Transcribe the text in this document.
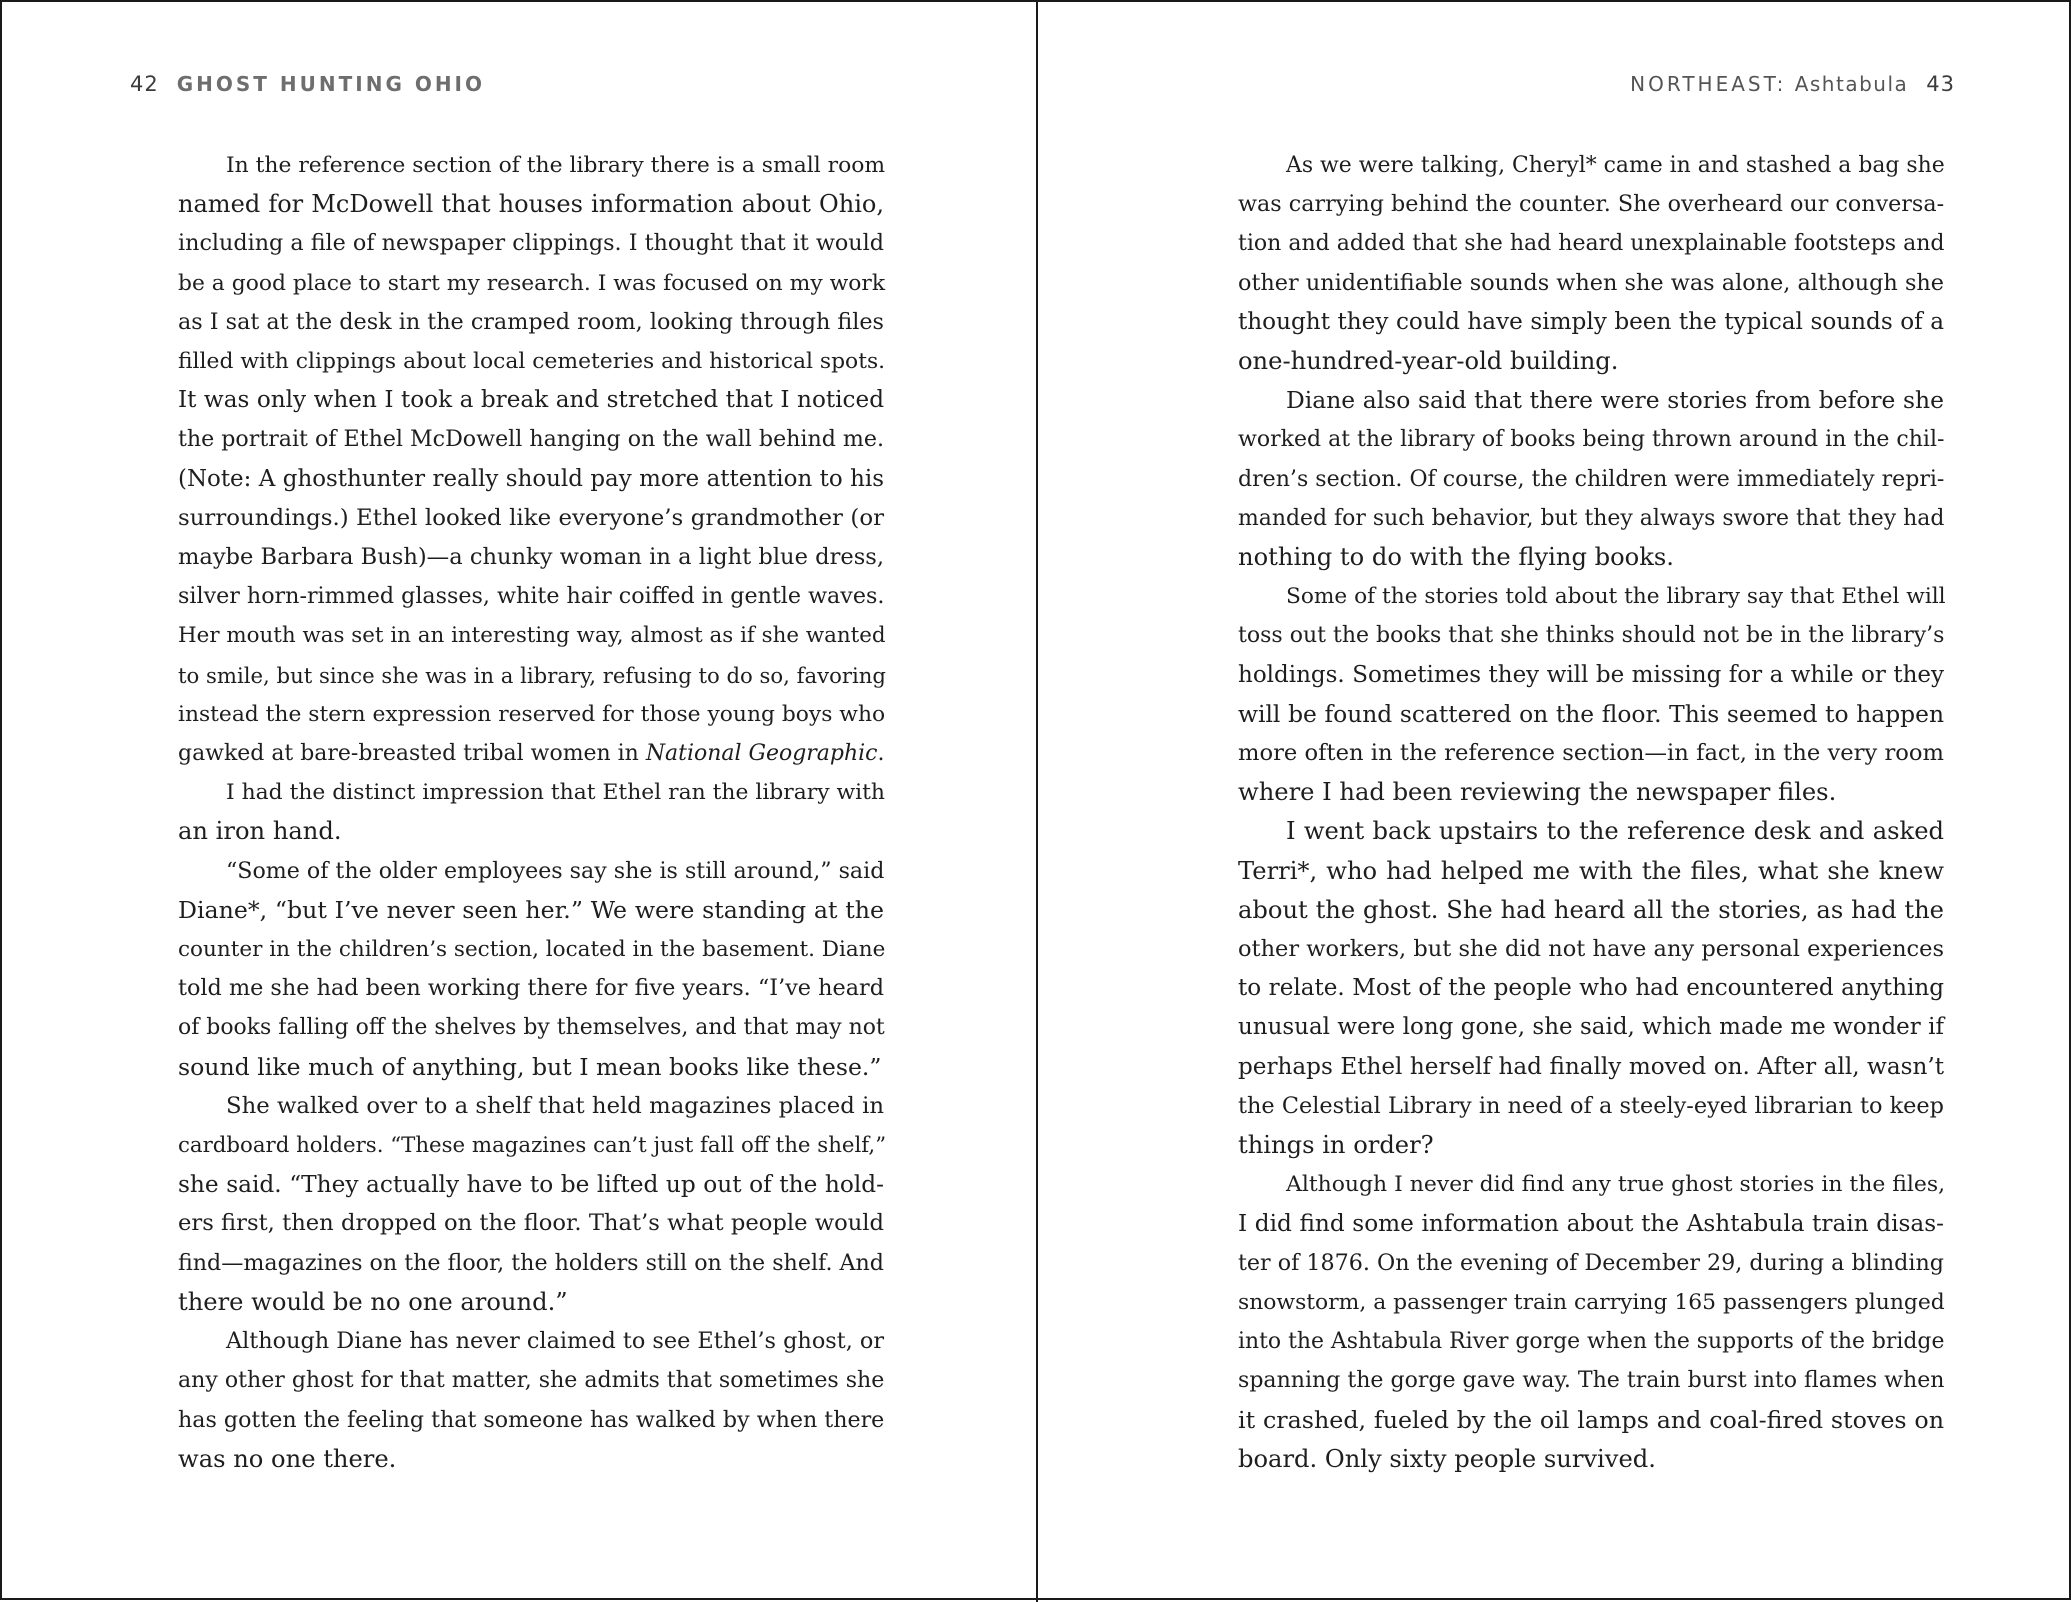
42 GHOST HUNTING OHIO

In the reference section of the library there is a small room
named for McDowell that houses information about Ohio,
including a file of newspaper clippings. I thought that it would
be a good place to start my research. I was focused on my work
as I sat at the desk in the cramped room, looking through files
filled with clippings about local cemeteries and historical spots.
It was only when I took a break and stretched that I noticed
the portrait of Ethel McDowell hanging on the wall behind me.
(Note: A ghosthunter really should pay more attention to his
surroundings.) Ethel looked like everyone’s grandmother (or
maybe Barbara Bush)—a chunky woman in a light blue dress,
silver horn-rimmed glasses, white hair coiffed in gentle waves.
Her mouth was set in an interesting way, almost as if she wanted
to smile, but since she was in a library, refusing to do so, favoring
instead the stern expression reserved for those young boys who
gawked at bare-breasted tribal women in National Geographic.

I had the distinct impression that Ethel ran the library with
an iron hand.

“Some of the older employees say she is still around,” said
Diane*, “but I’ve never seen her.” We were standing at the
counter in the children’s section, located in the basement. Diane
told me she had been working there for five years. “I’ve heard
of books falling off the shelves by themselves, and that may not
sound like much of anything, but I mean books like these.”

She walked over to a shelf that held magazines placed in
cardboard holders. “These magazines can’t just fall off the shelf,”
she said. “They actually have to be lifted up out of the hold-
ers first, then dropped on the floor. That’s what people would
find—magazines on the floor, the holders still on the shelf. And
there would be no one around.”

Although Diane has never claimed to see Ethel’s ghost, or
any other ghost for that matter, she admits that sometimes she
has gotten the feeling that someone has walked by when there
was no one there.

NORTHEAST: Ashtabula 43

As we were talking, Cheryl* came in and stashed a bag she
was carrying behind the counter. She overheard our conversa-
tion and added that she had heard unexplainable footsteps and
other unidentifiable sounds when she was alone, although she
thought they could have simply been the typical sounds of a
one-hundred-year-old building.

Diane also said that there were stories from before she
worked at the library of books being thrown around in the chil-
dren’s section. Of course, the children were immediately repri-
manded for such behavior, but they always swore that they had
nothing to do with the flying books.

Some of the stories told about the library say that Ethel will
toss out the books that she thinks should not be in the library’s
holdings. Sometimes they will be missing for a while or they
will be found scattered on the floor. This seemed to happen
more often in the reference section—in fact, in the very room
where I had been reviewing the newspaper files.

I went back upstairs to the reference desk and asked
Terri*, who had helped me with the files, what she knew
about the ghost. She had heard all the stories, as had the
other workers, but she did not have any personal experiences
to relate. Most of the people who had encountered anything
unusual were long gone, she said, which made me wonder if
perhaps Ethel herself had finally moved on. After all, wasn’t
the Celestial Library in need of a steely-eyed librarian to keep
things in order?

Although I never did find any true ghost stories in the files,
I did find some information about the Ashtabula train disas-
ter of 1876. On the evening of December 29, during a blinding
snowstorm, a passenger train carrying 165 passengers plunged
into the Ashtabula River gorge when the supports of the bridge
spanning the gorge gave way. The train burst into flames when
it crashed, fueled by the oil lamps and coal-fired stoves on
board. Only sixty people survived.
